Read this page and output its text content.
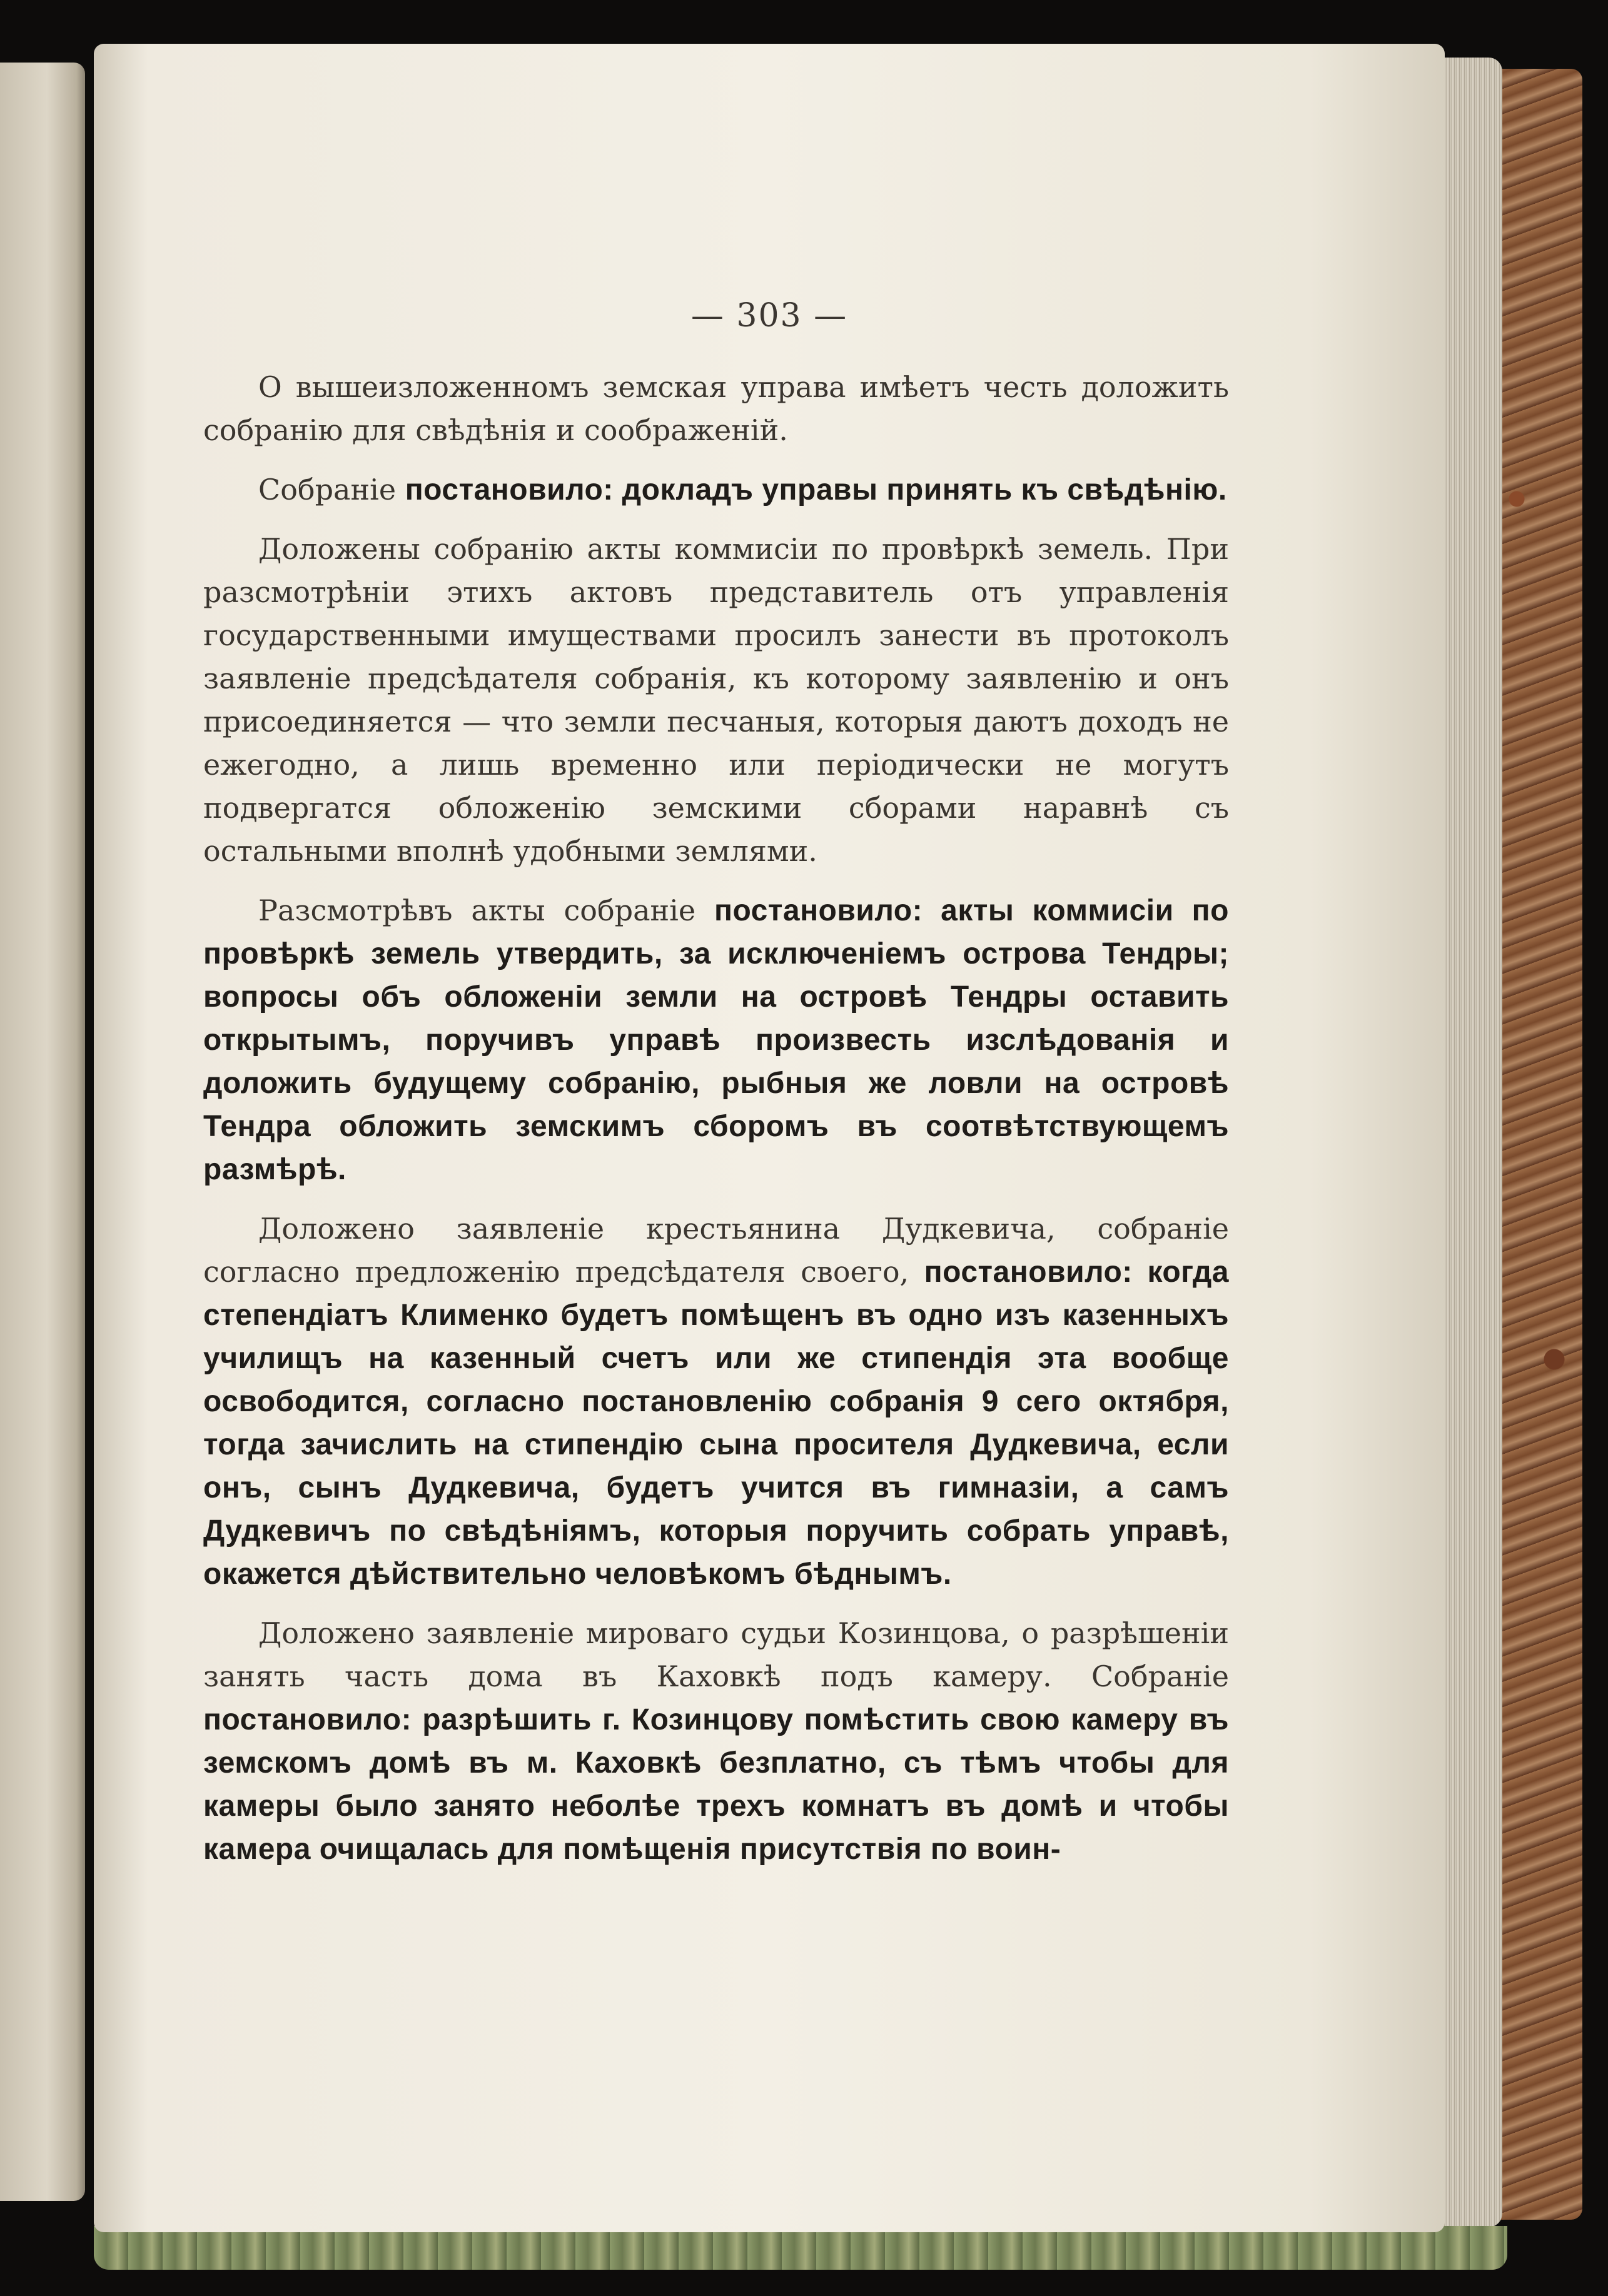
— 303 —

О вышеизложенномъ земская управа имѣетъ честь доложить собранію для свѣдѣнія и соображеній.

Собраніе постановило: докладъ управы принять къ свѣдѣнію.

Доложены собранію акты коммисіи по провѣркѣ земель. При разсмотрѣніи этихъ актовъ представитель отъ управленія государственными имуществами просилъ занести въ протоколъ заявленіе предсѣдателя собранія, къ которому заявленію и онъ присоединяется — что земли песчаныя, которыя даютъ доходъ не ежегодно, а лишь временно или періодически не могутъ подвергатся обложенію земскими сборами наравнѣ съ остальными вполнѣ удобными землями.

Разсмотрѣвъ акты собраніе постановило: акты коммисіи по провѣркѣ земель утвердить, за исключеніемъ острова Тендры; вопросы объ обложеніи земли на островѣ Тендры оставить открытымъ, поручивъ управѣ произвесть изслѣдованія и доложить будущему собранію, рыбныя же ловли на островѣ Тендра обложить земскимъ сборомъ въ соотвѣтствующемъ размѣрѣ.

Доложено заявленіе крестьянина Дудкевича, собраніе согласно предложенію предсѣдателя своего, постановило: когда степендіатъ Клименко будетъ помѣщенъ въ одно изъ казенныхъ училищъ на казенный счетъ или же стипендія эта вообще освободится, согласно постановленію собранія 9 сего октября, тогда зачислить на стипендію сына просителя Дудкевича, если онъ, сынъ Дудкевича, будетъ учится въ гимназіи, а самъ Дудкевичъ по свѣдѣніямъ, которыя поручить собрать управѣ, окажется дѣйствительно человѣкомъ бѣднымъ.

Доложено заявленіе мироваго судьи Козинцова, о разрѣшеніи занять часть дома въ Каховкѣ подъ камеру. Собраніе постановило: разрѣшить г. Козинцову помѣстить свою камеру въ земскомъ домѣ въ м. Каховкѣ безплатно, съ тѣмъ чтобы для камеры было занято неболѣе трехъ комнатъ въ домѣ и чтобы камера очищалась для помѣщенія присутствія по воин-
